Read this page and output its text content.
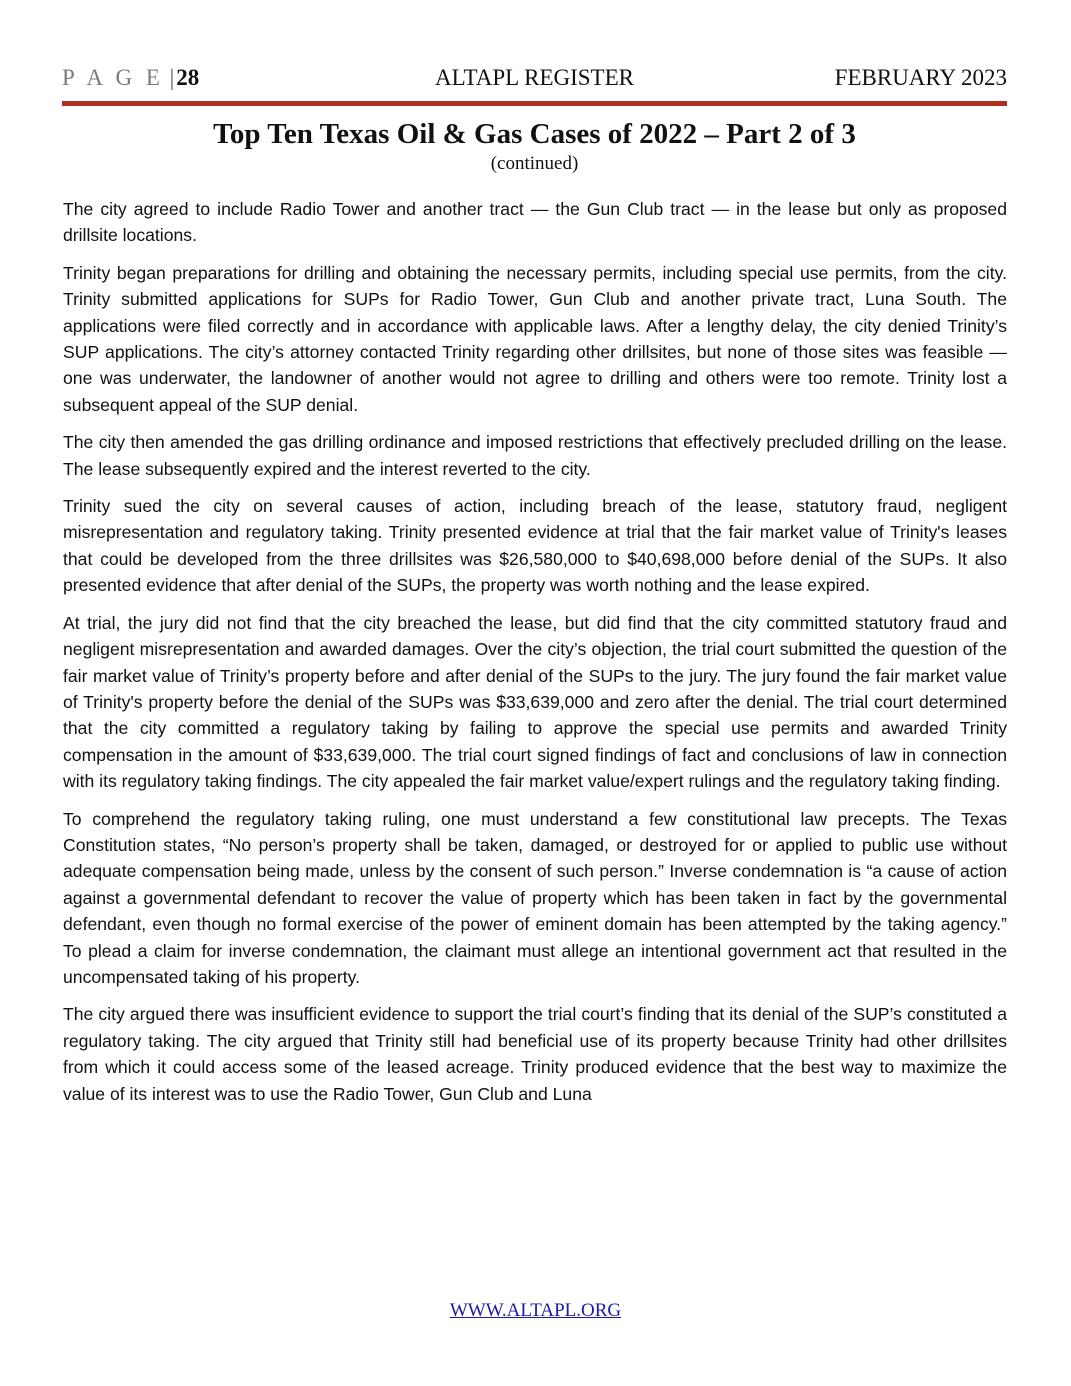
P A G E |28	ALTAPL REGISTER	FEBRUARY 2023
Top Ten Texas Oil & Gas Cases of 2022 – Part 2 of 3
(continued)

The city agreed to include Radio Tower and another tract — the Gun Club tract — in the lease but only as proposed drillsite locations.

Trinity began preparations for drilling and obtaining the necessary permits, including special use permits, from the city. Trinity submitted applications for SUPs for Radio Tower, Gun Club and another private tract, Luna South. The applications were filed correctly and in accordance with applicable laws. After a lengthy delay, the city denied Trinity’s SUP applications. The city’s attorney contacted Trinity regarding other drillsites, but none of those sites was feasible — one was underwater, the landowner of another would not agree to drilling and others were too remote. Trinity lost a subsequent appeal of the SUP denial.

The city then amended the gas drilling ordinance and imposed restrictions that effectively precluded drilling on the lease. The lease subsequently expired and the interest reverted to the city.

Trinity sued the city on several causes of action, including breach of the lease, statutory fraud, negligent misrepresentation and regulatory taking. Trinity presented evidence at trial that the fair market value of Trinity's leases that could be developed from the three drillsites was $26,580,000 to $40,698,000 before denial of the SUPs. It also presented evidence that after denial of the SUPs, the property was worth nothing and the lease expired.

At trial, the jury did not find that the city breached the lease, but did find that the city committed statutory fraud and negligent misrepresentation and awarded damages. Over the city’s objection, the trial court submitted the question of the fair market value of Trinity’s property before and after denial of the SUPs to the jury. The jury found the fair market value of Trinity's property before the denial of the SUPs was $33,639,000 and zero after the denial. The trial court determined that the city committed a regulatory taking by failing to approve the special use permits and awarded Trinity compensation in the amount of $33,639,000. The trial court signed findings of fact and conclusions of law in connection with its regulatory taking findings. The city appealed the fair market value/expert rulings and the regulatory taking finding.

To comprehend the regulatory taking ruling, one must understand a few constitutional law precepts. The Texas Constitution states, “No person’s property shall be taken, damaged, or destroyed for or applied to public use without adequate compensation being made, unless by the consent of such person.” Inverse condemnation is “a cause of action against a governmental defendant to recover the value of property which has been taken in fact by the governmental defendant, even though no formal exercise of the power of eminent domain has been attempted by the taking agency.” To plead a claim for inverse condemnation, the claimant must allege an intentional government act that resulted in the uncompensated taking of his property.

The city argued there was insufficient evidence to support the trial court’s finding that its denial of the SUP’s constituted a regulatory taking. The city argued that Trinity still had beneficial use of its property because Trinity had other drillsites from which it could access some of the leased acreage. Trinity produced evidence that the best way to maximize the value of its interest was to use the Radio Tower, Gun Club and Luna

WWW.ALTAPL.ORG
